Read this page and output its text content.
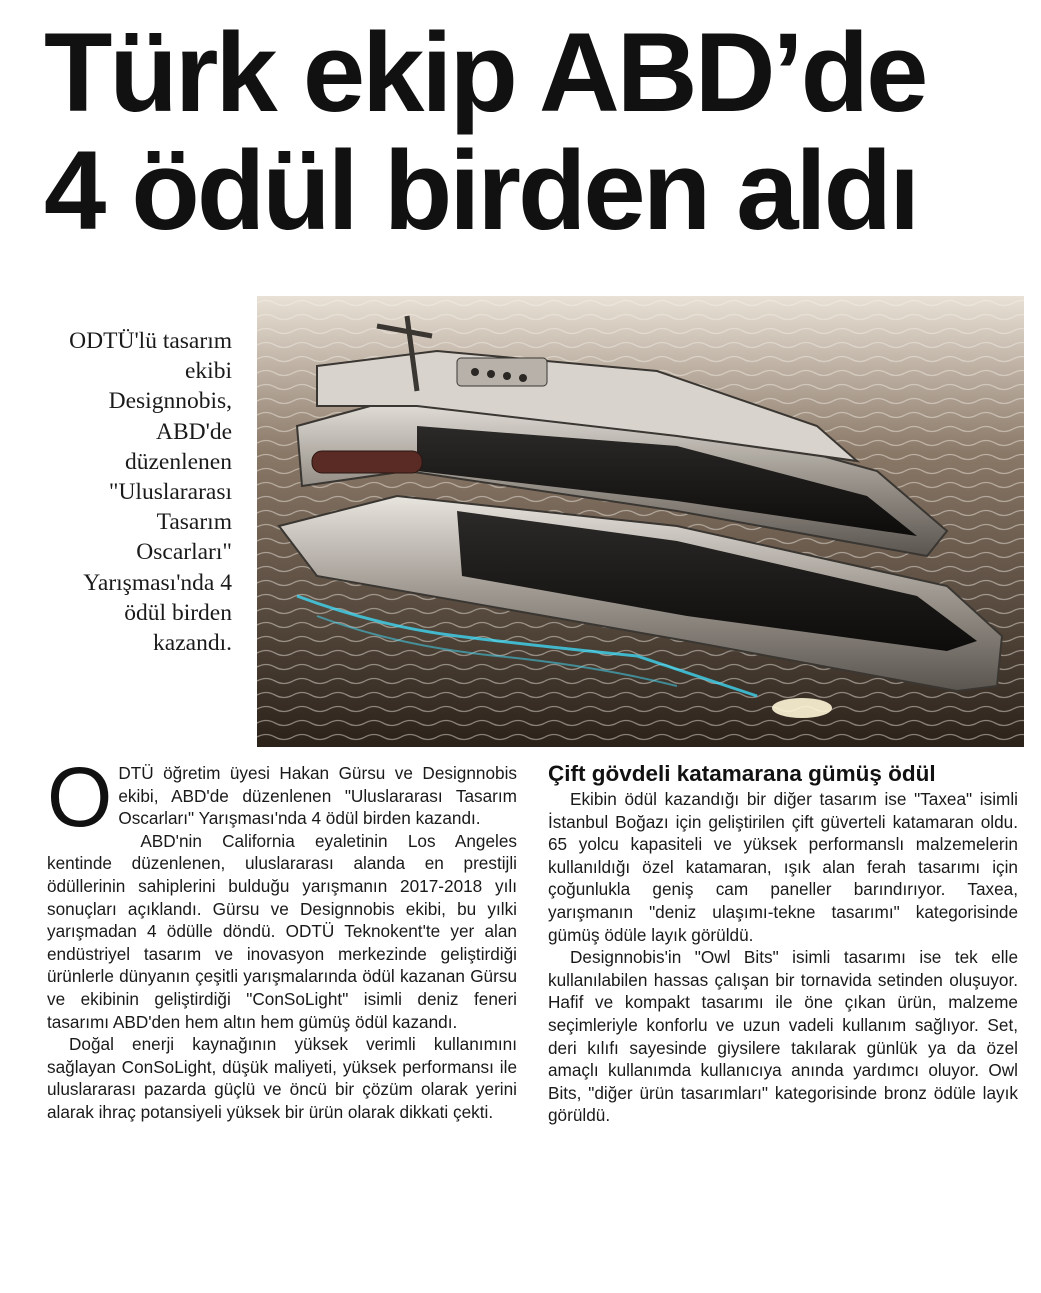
Türk ekip ABD’de
4 ödül birden aldı
ODTÜ'lü tasarım ekibi Designnobis, ABD'de düzenlenen "Uluslararası Tasarım Oscarları" Yarışması'nda 4 ödül birden kazandı.

ODTÜ öğretim üyesi Hakan Gürsu ve Designnobis ekibi, ABD'de düzenlenen "Uluslararası Tasarım Oscarları" Yarışması'nda 4 ödül birden kazandı.

ABD'nin California eyaletinin Los Angeles kentinde düzenlenen, uluslararası alanda en prestijli ödüllerinin sahiplerini bulduğu yarışmanın 2017-2018 yılı sonuçları açıklandı. Gürsu ve Designnobis ekibi, bu yılki yarışmadan 4 ödülle döndü. ODTÜ Teknokent'te yer alan endüstriyel tasarım ve inovasyon merkezinde geliştirdiği ürünlerle dünyanın çeşitli yarışmalarında ödül kazanan Gürsu ve ekibinin geliştirdiği "ConSoLight" isimli deniz feneri tasarımı ABD'den hem altın hem gümüş ödül kazandı.

Doğal enerji kaynağının yüksek verimli kullanımını sağlayan ConSoLight, düşük maliyeti, yüksek performansı ile uluslararası pazarda güçlü ve öncü bir çözüm olarak yerini alarak ihraç potansiyeli yüksek bir ürün olarak dikkati çekti.

Çift gövdeli katamarana gümüş ödül

Ekibin ödül kazandığı bir diğer tasarım ise "Taxea" isimli İstanbul Boğazı için geliştirilen çift güverteli katamaran oldu. 65 yolcu kapasiteli ve yüksek performanslı malzemelerin kullanıldığı özel katamaran, ışık alan ferah tasarımı için çoğunlukla geniş cam paneller barındırıyor. Taxea, yarışmanın "deniz ulaşımı-tekne tasarımı" kategorisinde gümüş ödüle layık görüldü.

Designnobis'in "Owl Bits" isimli tasarımı ise tek elle kullanılabilen hassas çalışan bir tornavida setinden oluşuyor. Hafif ve kompakt tasarımı ile öne çıkan ürün, malzeme seçimleriyle konforlu ve uzun vadeli kullanım sağlıyor. Set, deri kılıfı sayesinde giysilere takılarak günlük ya da özel amaçlı kullanımda kullanıcıya anında yardımcı oluyor. Owl Bits, "diğer ürün tasarımları" kategorisinde bronz ödüle layık görüldü.
